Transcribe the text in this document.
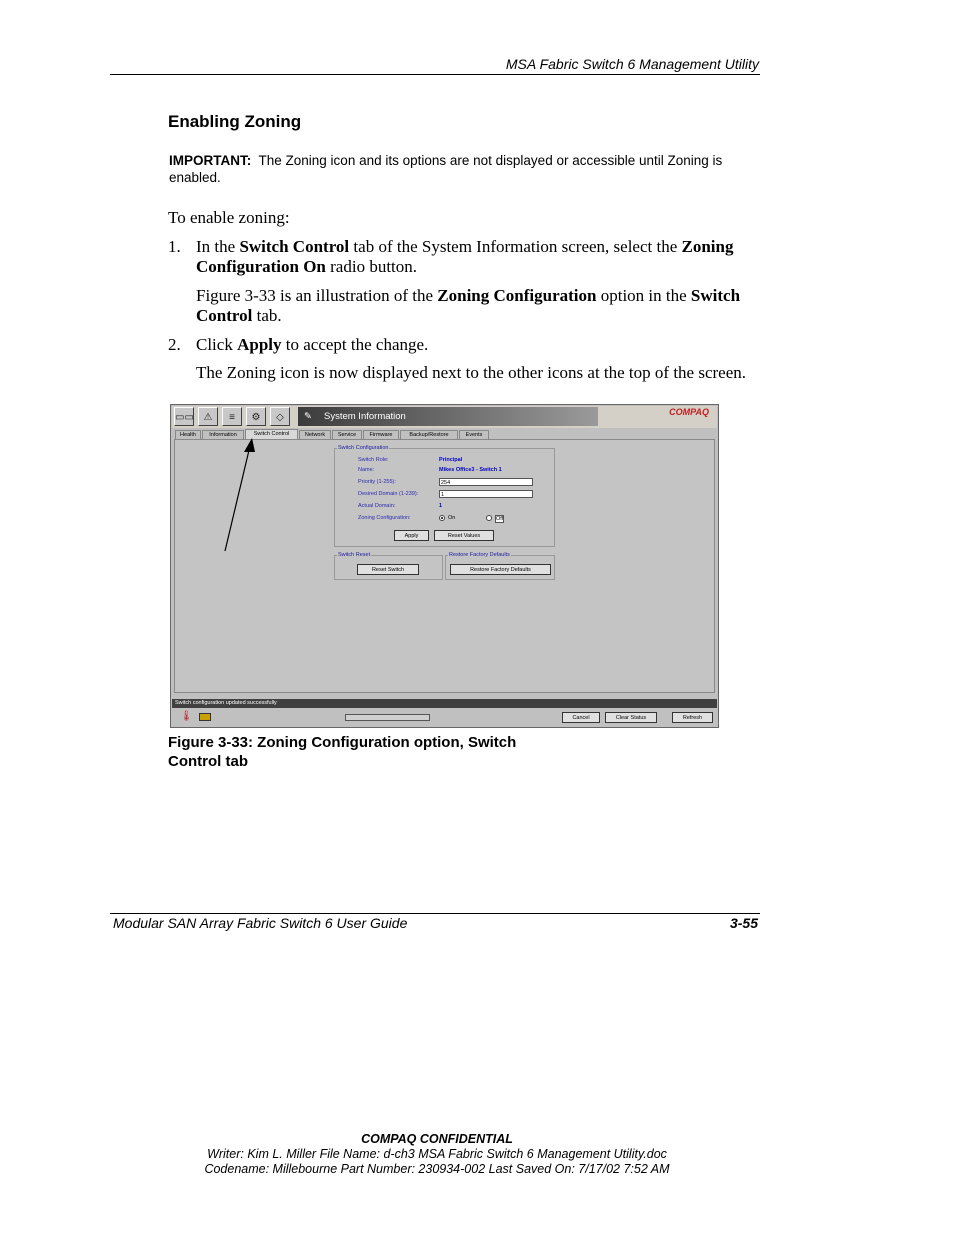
MSA Fabric Switch 6 Management Utility
Enabling Zoning
IMPORTANT: The Zoning icon and its options are not displayed or accessible until Zoning is enabled.
To enable zoning:
1. In the Switch Control tab of the System Information screen, select the Zoning Configuration On radio button.
Figure 3-33 is an illustration of the Zoning Configuration option in the Switch Control tab.
2. Click Apply to accept the change.
The Zoning icon is now displayed next to the other icons at the top of the screen.
▭▭ ⚠	≡	⚙	◇	✎ System Information	COMPAQ
Health	Information	Switch Control	Network	Service	Firmware	Backup/Restore	Events
Switch Configuration
Switch Role:	Principal
Name:	Mikes Office3 - Switch 1
Priority (1-255):	254
Desired Domain (1-239):	1
Actual Domain:	1
Zoning Configuration:	On	Off
Apply	Reset Values
Switch Reset
Reset Switch
Restore Factory Defaults
Restore Factory Defaults
Switch configuration updated successfully
🌡	Cancel	Clear Status	Refresh
Figure 3-33: Zoning Configuration option, Switch Control tab
Modular SAN Array Fabric Switch 6 User Guide	3-55
COMPAQ CONFIDENTIAL
Writer: Kim L. Miller File Name: d-ch3 MSA Fabric Switch 6 Management Utility.doc
Codename: Millebourne Part Number: 230934-002 Last Saved On: 7/17/02 7:52 AM
